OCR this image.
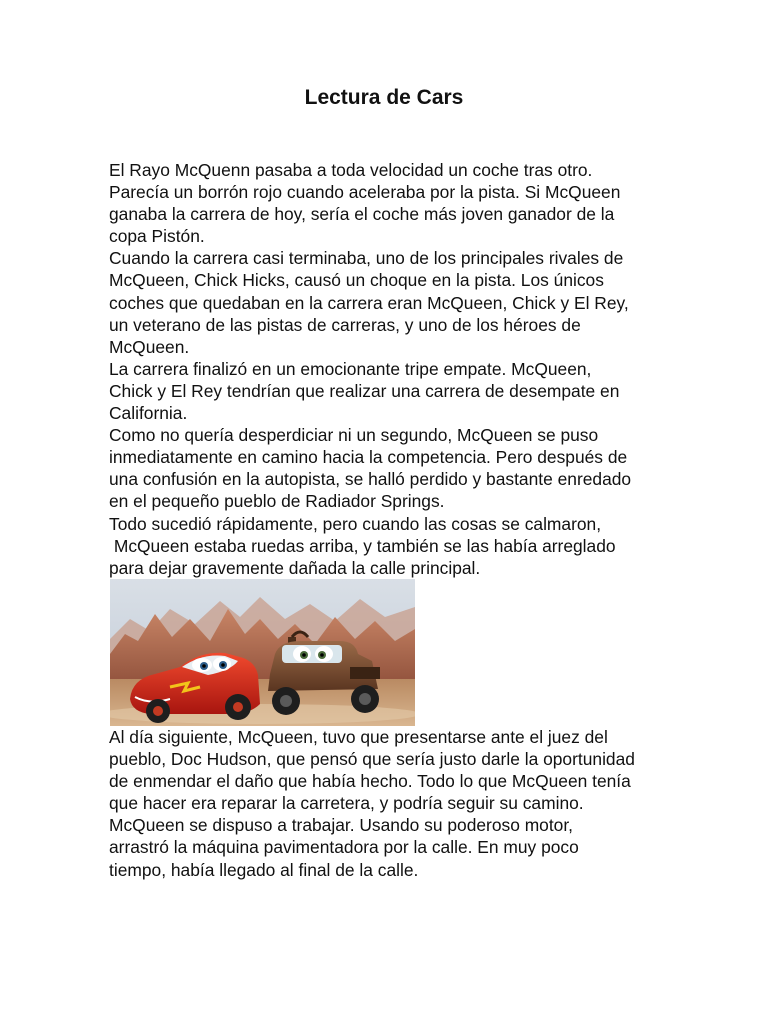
Lectura de Cars

El Rayo McQuenn pasaba a toda velocidad un coche tras otro.

Parecía un borrón rojo cuando aceleraba por la pista. Si McQueen

ganaba la carrera de hoy, sería el coche más joven ganador de la

copa Pistón.

Cuando la carrera casi terminaba, uno de los principales rivales de

McQueen, Chick Hicks, causó un choque en la pista. Los únicos

coches que quedaban en la carrera eran McQueen, Chick y El Rey,

un veterano de las pistas de carreras, y uno de los héroes de

McQueen.

La carrera finalizó en un emocionante tripe empate. McQueen,

Chick y El Rey tendrían que realizar una carrera de desempate en

California.

Como no quería desperdiciar ni un segundo, McQueen se puso

inmediatamente en camino hacia la competencia. Pero después de

una confusión en la autopista, se halló perdido y bastante enredado

en el pequeño pueblo de Radiador Springs.

Todo sucedió rápidamente, pero cuando las cosas se calmaron,

McQueen estaba ruedas arriba, y también se las había arreglado

para dejar gravemente dañada la calle principal.

Al día siguiente, McQueen, tuvo que presentarse ante el juez del

pueblo, Doc Hudson, que pensó que sería justo darle la oportunidad

de enmendar el daño que había hecho. Todo lo que McQueen tenía

que hacer era reparar la carretera, y podría seguir su camino.

McQueen se dispuso a trabajar. Usando su poderoso motor,

arrastró la máquina pavimentadora por la calle. En muy poco

tiempo, había llegado al final de la calle.
